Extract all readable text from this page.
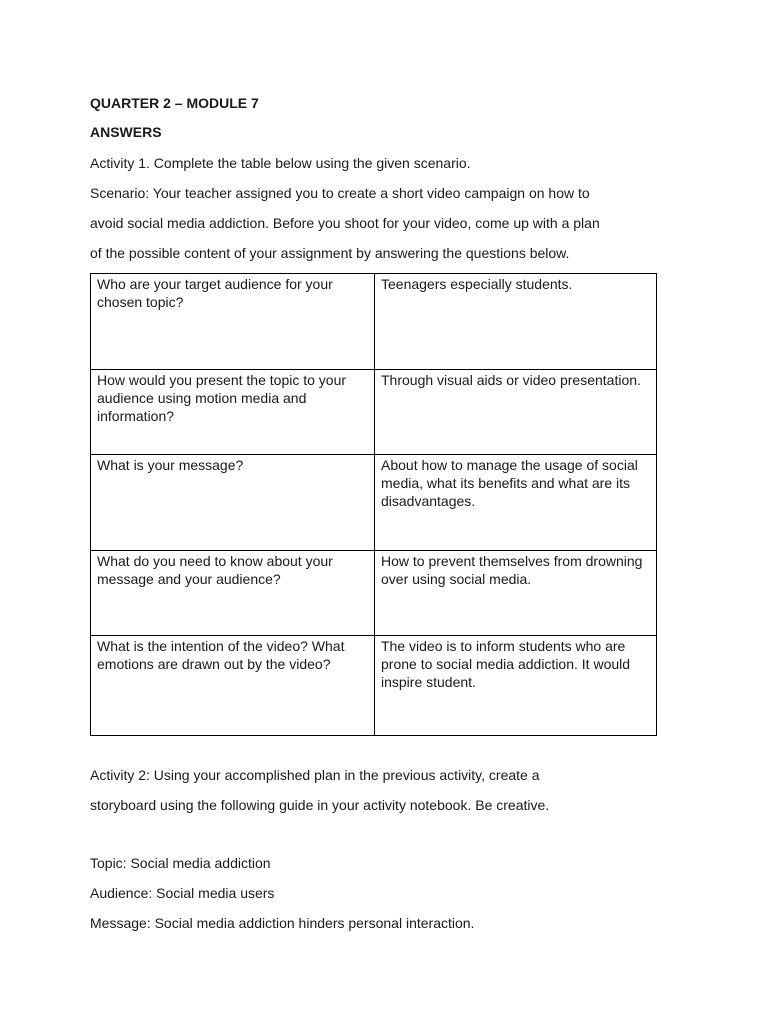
QUARTER 2 – MODULE 7

ANSWERS

Activity 1. Complete the table below using the given scenario.

Scenario: Your teacher assigned you to create a short video campaign on how to

avoid social media addiction. Before you shoot for your video, come up with a plan

of the possible content of your assignment by answering the questions below.

Who are your target audience for your chosen topic?	Teenagers especially students.
How would you present the topic to your audience using motion media and information?	Through visual aids or video presentation.
What is your message?	About how to manage the usage of social media, what its benefits and what are its disadvantages.
What do you need to know about your message and your audience?	How to prevent themselves from drowning over using social media.
What is the intention of the video? What emotions are drawn out by the video?	The video is to inform students who are prone to social media addiction. It would inspire student.

Activity 2: Using your accomplished plan in the previous activity, create a

storyboard using the following guide in your activity notebook. Be creative.

Topic: Social media addiction

Audience: Social media users

Message: Social media addiction hinders personal interaction.
